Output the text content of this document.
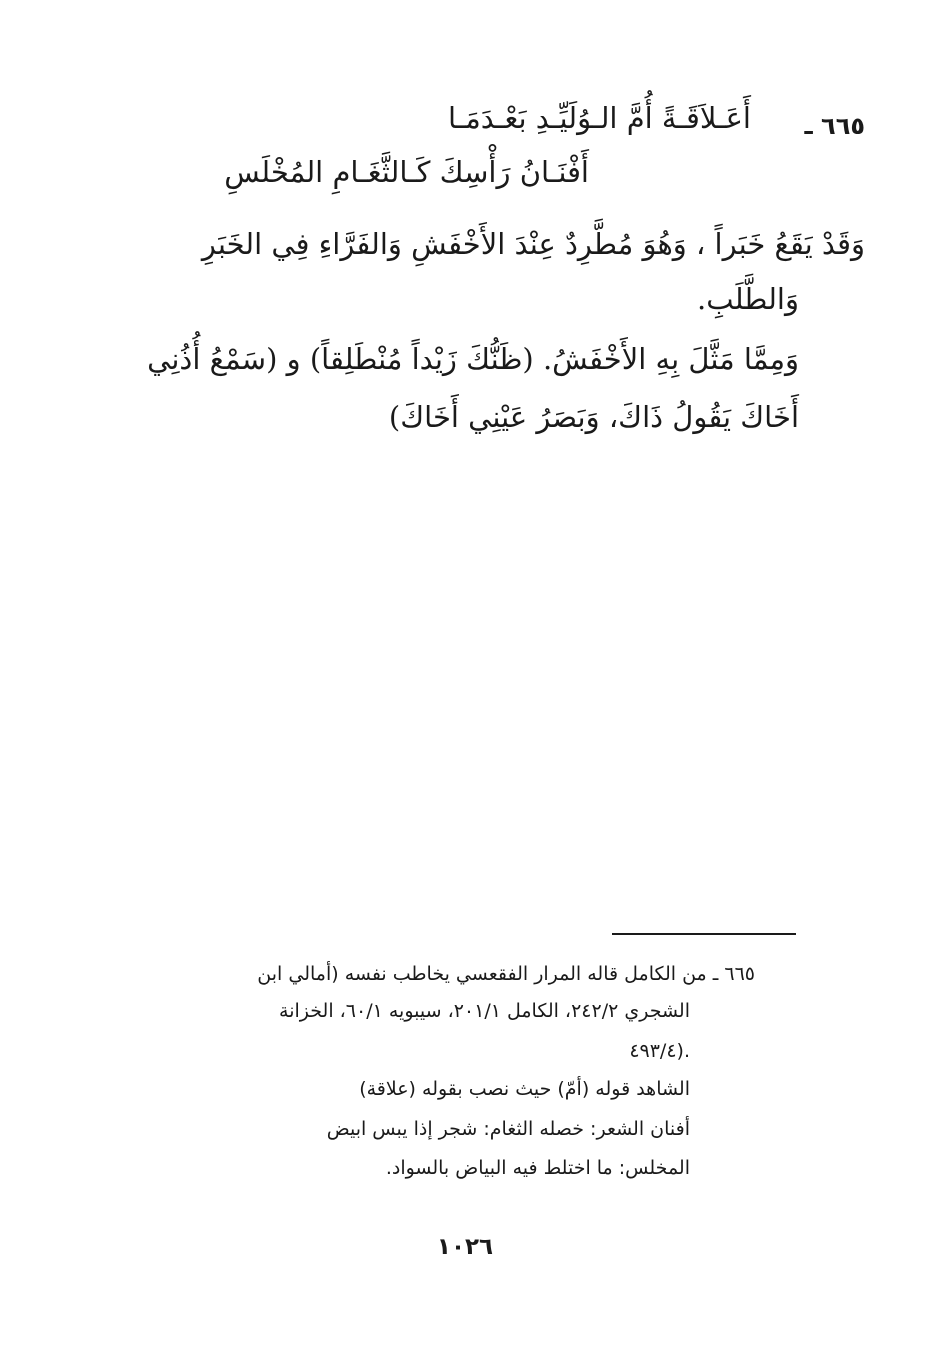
٦٦٥ ـ
أَعَـلاَقَـةً أُمَّ الـوُلَيِّـدِ بَعْـدَمَـا
أَفْنَـانُ رَأْسِكَ كَـالثَّغَـامِ المُخْلَسِ
وَقَدْ يَقَعُ خَبَراً ، وَهُوَ مُطَّرِدٌ عِنْدَ الأَخْفَشِ وَالفَرَّاءِ فِي الخَبَرِ
وَالطَّلَبِ.
وَمِمَّا مَثَّلَ بِهِ الأَخْفَشُ. (ظَنُّكَ زَيْداً مُنْطَلِقاً) و (سَمْعُ أُذُنِي
أَخَاكَ يَقُولُ ذَاكَ، وَبَصَرُ عَيْنِي أَخَاكَ)
٦٦٥ ـ من الكامل قاله المرار الفقعسي يخاطب نفسه (أمالي ابن
الشجري ٢٤٢/٢، الكامل ٢٠١/١، سيبويه ٦٠/١، الخزانة
٤٩٣/٤).
الشاهد قوله (أمّ) حيث نصب بقوله (علاقة)
أفنان الشعر: خصله الثغام: شجر إذا يبس ابيض
المخلس: ما اختلط فيه البياض بالسواد.
١٠٢٦
